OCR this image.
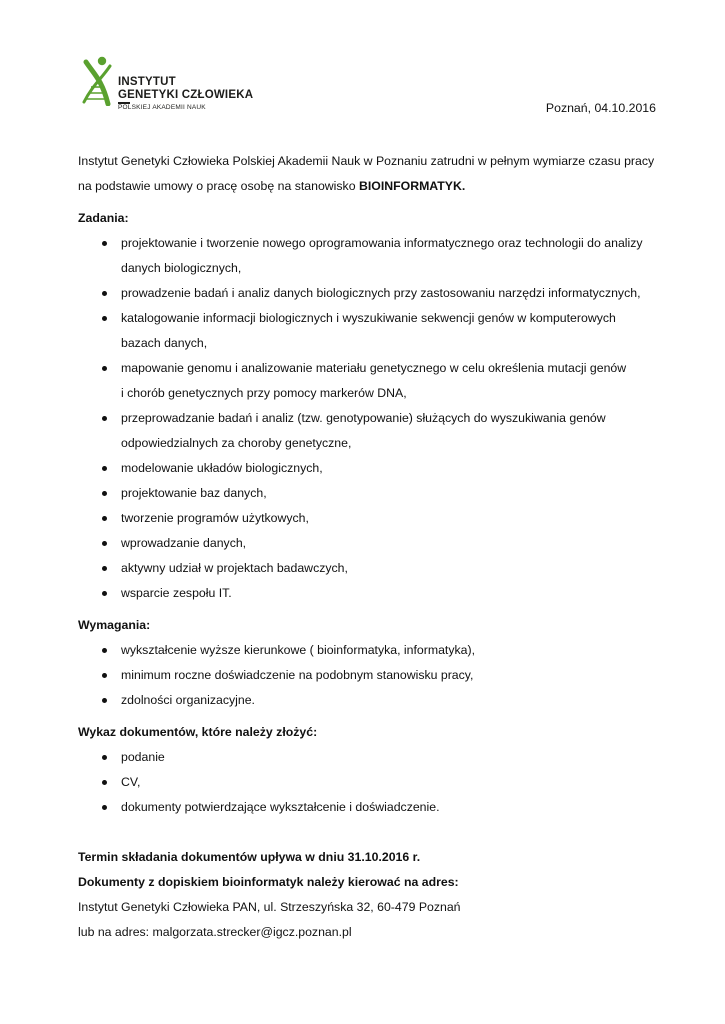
INSTYTUT
GENETYKI CZŁOWIEKA
POLSKIEJ AKADEMII NAUK	Poznań, 04.10.2016

Instytut Genetyki Człowieka Polskiej Akademii Nauk w Poznaniu zatrudni w pełnym wymiarze czasu pracy

na podstawie umowy o pracę osobę na stanowisko BIOINFORMATYK.

Zadania:

projektowanie i tworzenie nowego oprogramowania informatycznego oraz technologii do analizy
danych biologicznych,
prowadzenie badań i analiz danych biologicznych przy zastosowaniu narzędzi informatycznych,
katalogowanie informacji biologicznych i wyszukiwanie sekwencji genów w komputerowych
bazach danych,
mapowanie genomu i analizowanie materiału genetycznego w celu określenia mutacji genów
i chorób genetycznych przy pomocy markerów DNA,
przeprowadzanie badań i analiz (tzw. genotypowanie) służących do wyszukiwania genów
odpowiedzialnych za choroby genetyczne,
modelowanie układów biologicznych,
projektowanie baz danych,
tworzenie programów użytkowych,
wprowadzanie danych,
aktywny udział w projektach badawczych,
wsparcie zespołu IT.

Wymagania:

wykształcenie wyższe kierunkowe ( bioinformatyka, informatyka),
minimum roczne doświadczenie na podobnym stanowisku pracy,
zdolności organizacyjne.

Wykaz dokumentów, które należy złożyć:

podanie
CV,
dokumenty potwierdzające wykształcenie i doświadczenie.

Termin składania dokumentów upływa w dniu 31.10.2016 r.

Dokumenty z dopiskiem bioinformatyk należy kierować na adres:

Instytut Genetyki Człowieka PAN, ul. Strzeszyńska 32, 60-479 Poznań

lub na adres: malgorzata.strecker@igcz.poznan.pl
